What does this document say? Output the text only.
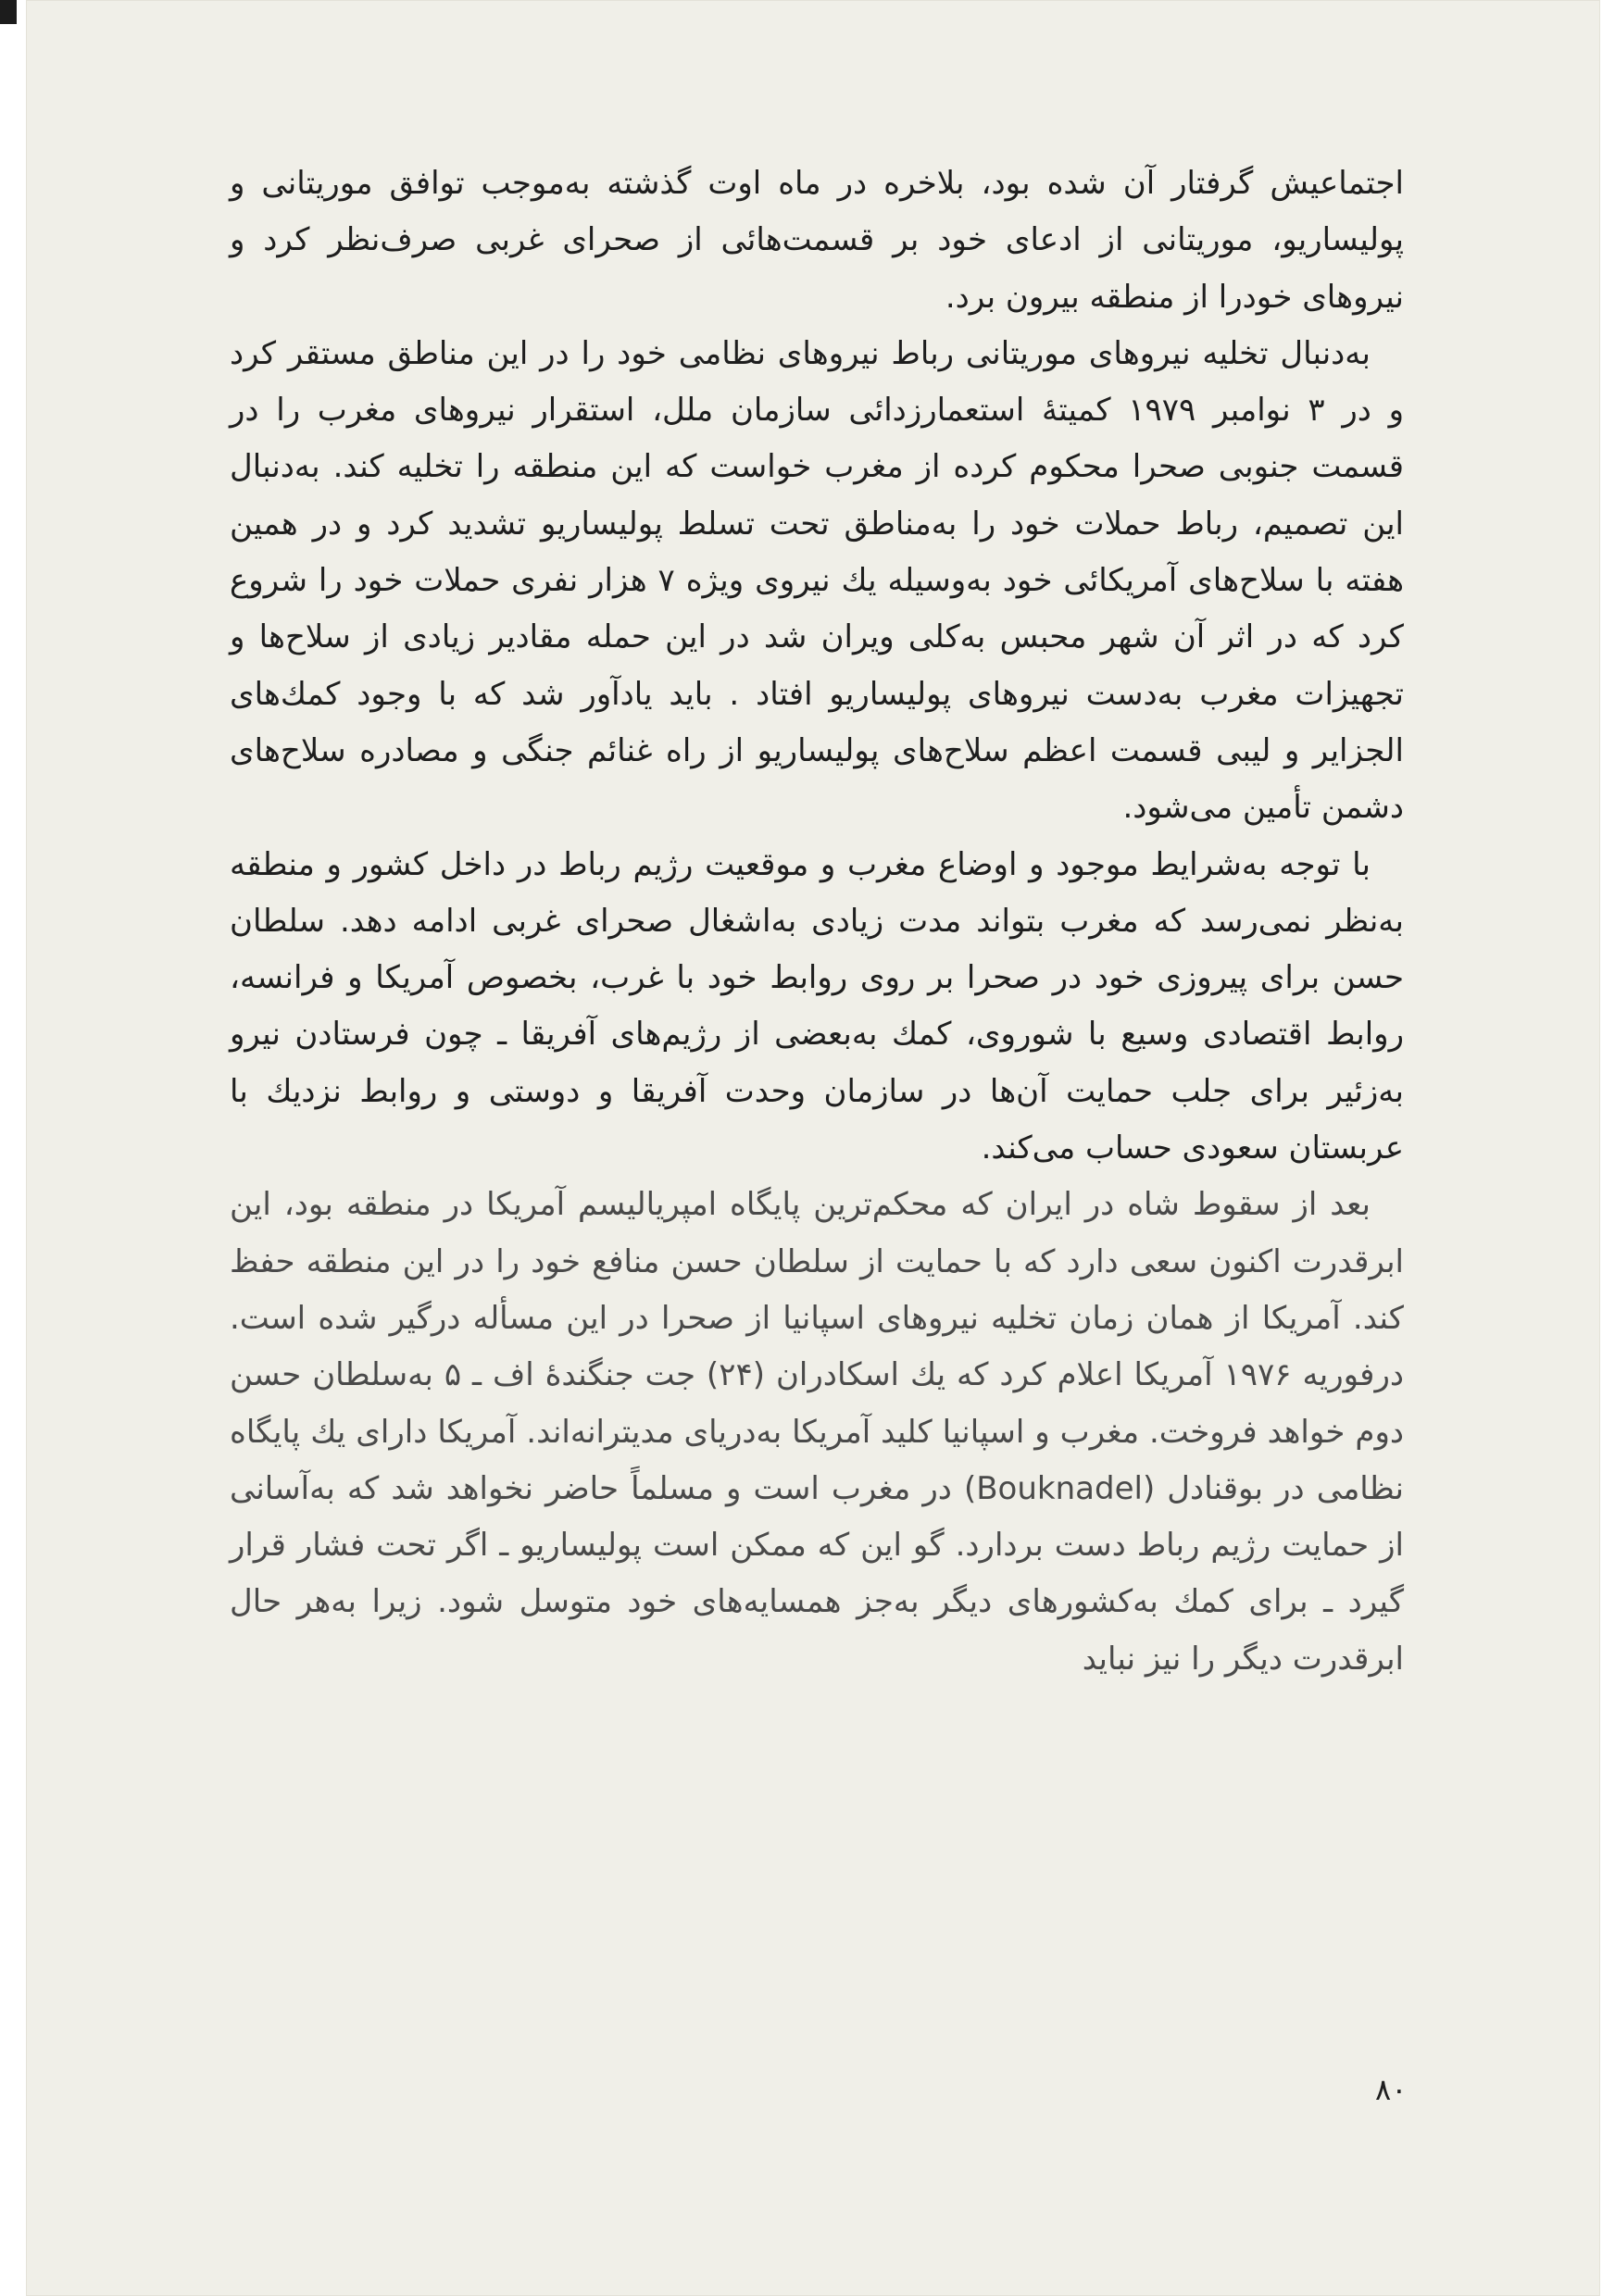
اجتماعیش گرفتار آن شده بود، بلاخره در ماه اوت گذشته به‌موجب توافق موریتانی و پولیساریو، موریتانی از ادعای خود بر قسمت‌هائی از صحرای غربی صرف‌نظر کرد و نیروهای خودرا از منطقه بیرون برد.

به‌دنبال تخلیه نیروهای موریتانی رباط نیروهای نظامی خود را در این مناطق مستقر کرد و در ۳ نوامبر ۱۹۷۹ کمیتهٔ استعمارزدائی سازمان ملل، استقرار نیروهای مغرب را در قسمت جنوبی صحرا محکوم کرده از مغرب خواست که این منطقه را تخلیه کند. به‌دنبال این تصمیم، رباط حملات خود را به‌مناطق تحت تسلط پولیساریو تشدید کرد و در همین هفته با سلاح‌های آمریکائی خود به‌وسیله یك نیروی ویژه ۷ هزار نفری حملات خود را شروع کرد که در اثر آن شهر محبس به‌کلی ویران شد در این حمله مقادیر زیادی از سلاح‌ها و تجهیزات مغرب به‌دست نیروهای پولیساریو افتاد . باید یادآور شد که با وجود کمك‌های الجزایر و لیبی قسمت اعظم سلاح‌های پولیساریو از راه غنائم جنگی و مصادره سلاح‌های دشمن تأمین می‌شود.

با توجه به‌شرایط موجود و اوضاع مغرب و موقعیت رژیم رباط در داخل کشور و منطقه به‌نظر نمی‌رسد که مغرب بتواند مدت زیادی به‌اشغال صحرای غربی ادامه دهد. سلطان حسن برای پیروزی خود در صحرا بر روی روابط خود با غرب، بخصوص آمریکا و فرانسه، روابط اقتصادی وسیع با شوروی، کمك به‌بعضی از رژیم‌های آفریقا ـ چون فرستادن نیرو به‌زئیر برای جلب حمایت آن‌ها در سازمان وحدت آفریقا و دوستی و روابط نزدیك با عربستان سعودی حساب می‌کند.

بعد از سقوط شاه در ایران که محکم‌ترین پایگاه امپریالیسم آمریکا در منطقه بود، این ابرقدرت اکنون سعی دارد که با حمایت از سلطان حسن منافع خود را در این منطقه حفظ کند. آمریکا از همان زمان تخلیه نیروهای اسپانیا از صحرا در این مسأله درگیر شده است. درفوریه ۱۹۷۶ آمریکا اعلام کرد که یك اسکادران (۲۴) جت جنگندهٔ اف ـ ۵ به‌سلطان حسن دوم خواهد فروخت. مغرب و اسپانیا کلید آمریکا به‌دریای مدیترانه‌اند. آمریکا دارای یك پایگاه نظامی در بوقنادل (Bouknadel) در مغرب است و مسلماً حاضر نخواهد شد که به‌آسانی از حمایت رژیم رباط دست بردارد. گو این که ممکن است پولیساریو ـ اگر تحت فشار قرار گیرد ـ برای کمك به‌کشورهای دیگر به‌جز همسایه‌های خود متوسل شود. زیرا به‌هر حال ابرقدرت دیگر را نیز نباید

۸۰
